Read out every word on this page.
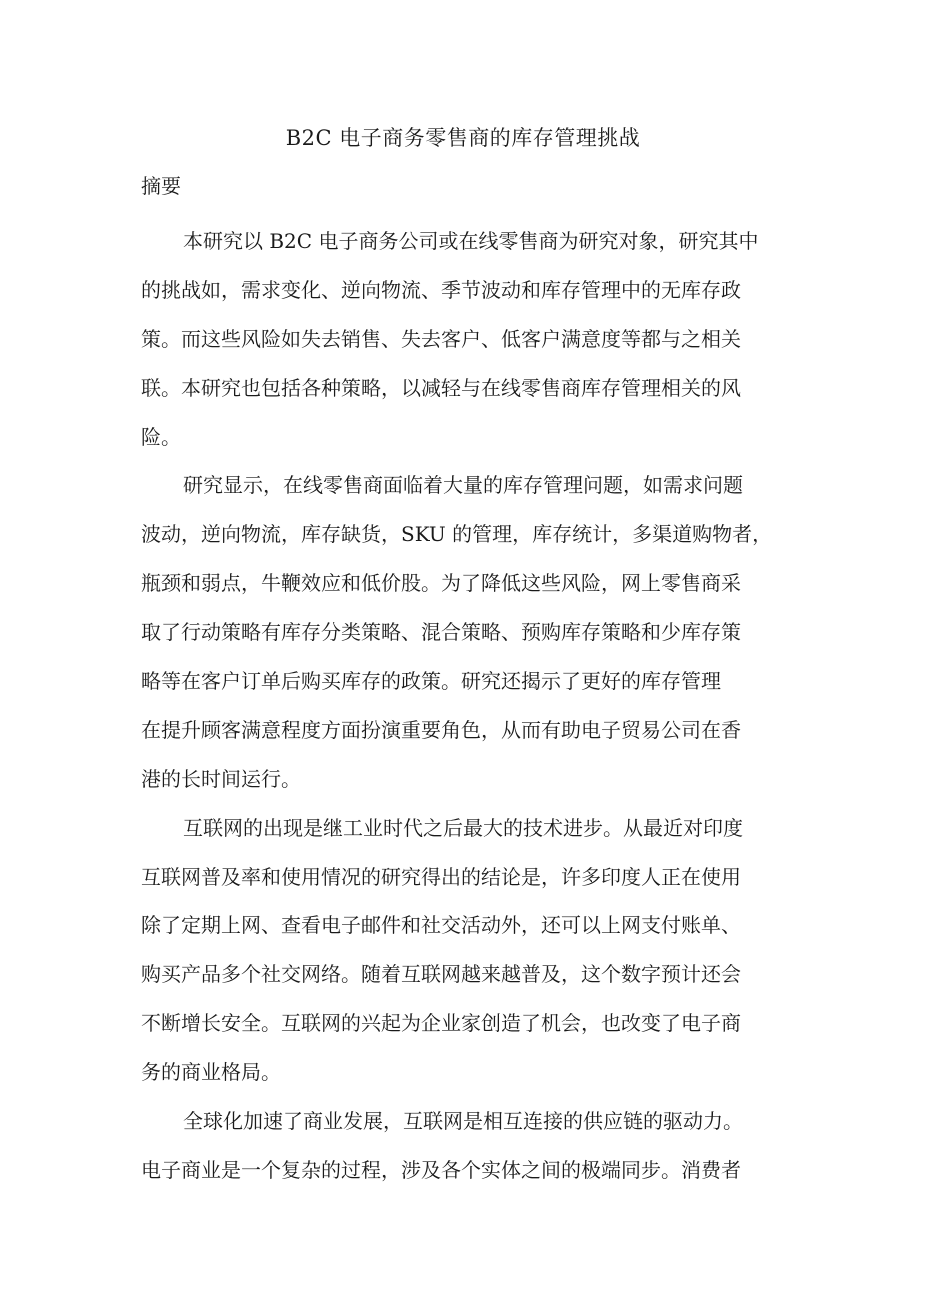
B2C 电子商务零售商的库存管理挑战
摘要

本研究以 B2C 电子商务公司或在线零售商为研究对象，研究其中
的挑战如，需求变化、逆向物流、季节波动和库存管理中的无库存政
策。而这些风险如失去销售、失去客户、低客户满意度等都与之相关
联。本研究也包括各种策略，以减轻与在线零售商库存管理相关的风
险。

研究显示，在线零售商面临着大量的库存管理问题，如需求问题
波动，逆向物流，库存缺货，SKU 的管理，库存统计，多渠道购物者，
瓶颈和弱点，牛鞭效应和低价股。为了降低这些风险，网上零售商采
取了行动策略有库存分类策略、混合策略、预购库存策略和少库存策
略等在客户订单后购买库存的政策。研究还揭示了更好的库存管理
在提升顾客满意程度方面扮演重要角色，从而有助电子贸易公司在香
港的长时间运行。

互联网的出现是继工业时代之后最大的技术进步。从最近对印度
互联网普及率和使用情况的研究得出的结论是，许多印度人正在使用
除了定期上网、查看电子邮件和社交活动外，还可以上网支付账单、
购买产品多个社交网络。随着互联网越来越普及，这个数字预计还会
不断增长安全。互联网的兴起为企业家创造了机会，也改变了电子商
务的商业格局。

全球化加速了商业发展，互联网是相互连接的供应链的驱动力。
电子商业是一个复杂的过程，涉及各个实体之间的极端同步。消费者
